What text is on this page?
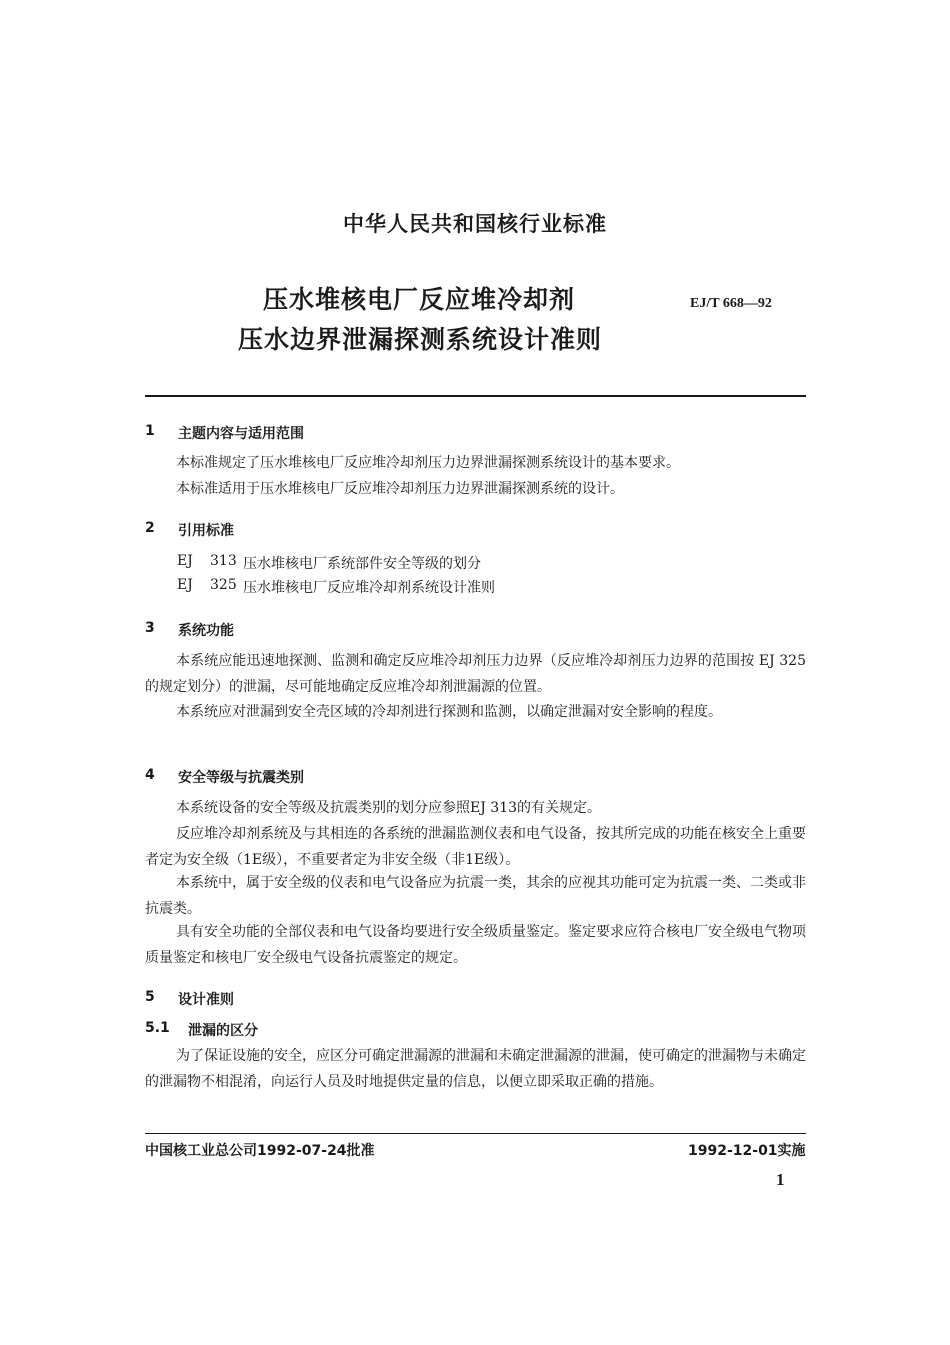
中华人民共和国核行业标准
压水堆核电厂反应堆冷却剂
压水边界泄漏探测系统设计准则
EJ/T 668—92
1 主题内容与适用范围
本标准规定了压水堆核电厂反应堆冷却剂压力边界泄漏探测系统设计的基本要求。
本标准适用于压水堆核电厂反应堆冷却剂压力边界泄漏探测系统的设计。
2 引用标准
EJ 313 压水堆核电厂系统部件安全等级的划分
EJ 325 压水堆核电厂反应堆冷却剂系统设计准则
3 系统功能
本系统应能迅速地探测、监测和确定反应堆冷却剂压力边界（反应堆冷却剂压力边界的范围按 EJ 325 的规定划分）的泄漏，尽可能地确定反应堆冷却剂泄漏源的位置。
本系统应对泄漏到安全壳区域的冷却剂进行探测和监测，以确定泄漏对安全影响的程度。
4 安全等级与抗震类别
本系统设备的安全等级及抗震类别的划分应参照EJ 313的有关规定。
反应堆冷却剂系统及与其相连的各系统的泄漏监测仪表和电气设备，按其所完成的功能在核安全上重要者定为安全级（1E级），不重要者定为非安全级（非1E级）。
本系统中，属于安全级的仪表和电气设备应为抗震一类，其余的应视其功能可定为抗震一类、二类或非抗震类。
具有安全功能的全部仪表和电气设备均要进行安全级质量鉴定。鉴定要求应符合核电厂安全级电气物项质量鉴定和核电厂安全级电气设备抗震鉴定的规定。
5 设计准则
5.1 泄漏的区分
为了保证设施的安全，应区分可确定泄漏源的泄漏和未确定泄漏源的泄漏，使可确定的泄漏物与未确定的泄漏物不相混淆，向运行人员及时地提供定量的信息，以便立即采取正确的措施。
中国核工业总公司1992-07-24批准	1992-12-01实施
1
